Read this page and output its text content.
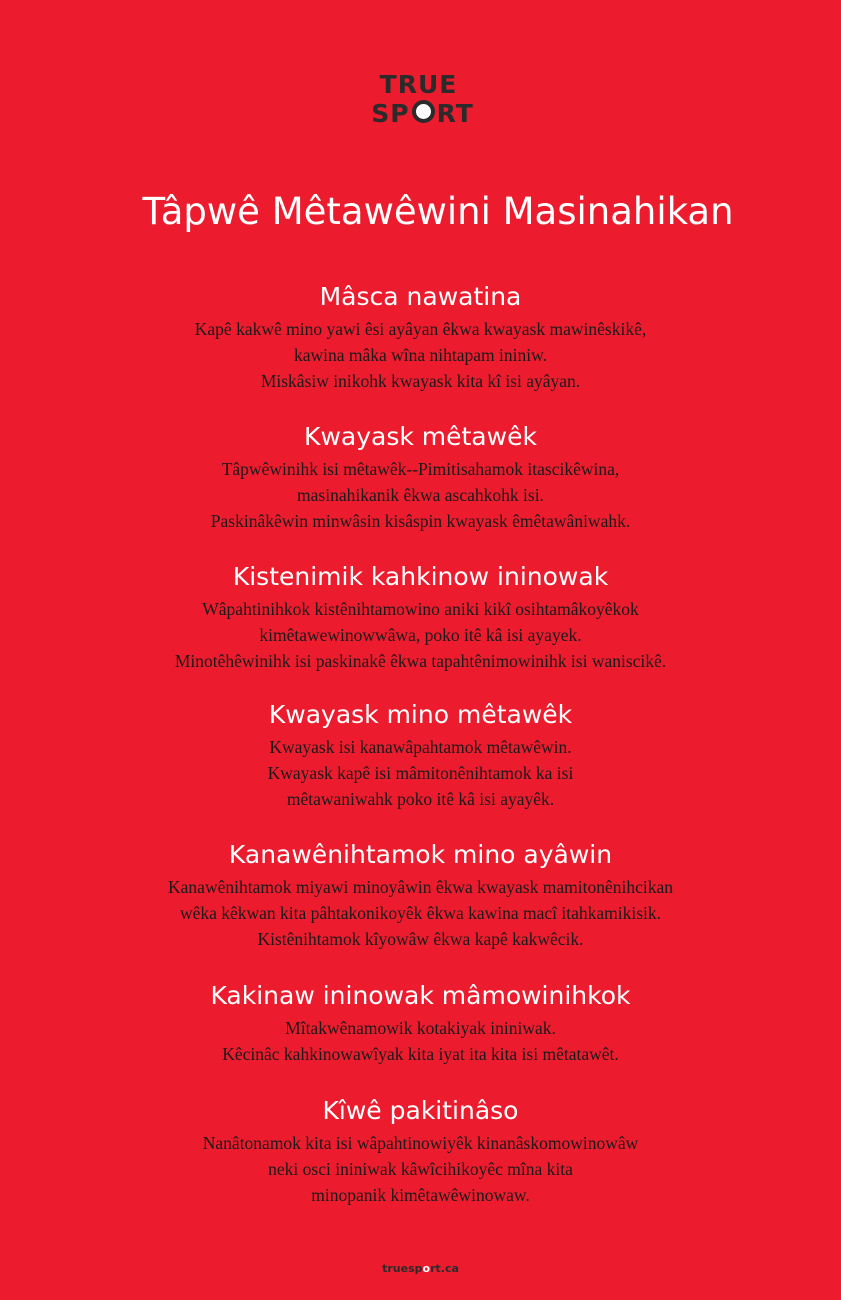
TRUE
SP RT
Tâpwê Mêtawêwini Masinahikan
Mâsca nawatina

Kapê kakwê mino yawi êsi ayâyan êkwa kwayask mawinêskikê,
kawina mâka wîna nihtapam ininiw.
Miskâsiw inikohk kwayask kita kî isi ayâyan.

Kwayask mêtawêk

Tâpwêwinihk isi mêtawêk--Pimitisahamok itascikêwina,
masinahikanik êkwa ascahkohk isi.
Paskinâkêwin minwâsin kisâspin kwayask êmêtawâniwahk.

Kistenimik kahkinow ininowak

Wâpahtinihkok kistênihtamowino aniki kikî osihtamâkoyêkok
kimêtawewinowwâwa, poko itê kâ isi ayayek.
Minotêhêwinihk isi paskinakê êkwa tapahtênimowinihk isi waniscikê.

Kwayask mino mêtawêk

Kwayask isi kanawâpahtamok mêtawêwin.
Kwayask kapê isi mâmitonênihtamok ka isi
mêtawaniwahk poko itê kâ isi ayayêk.

Kanawênihtamok mino ayâwin

Kanawênihtamok miyawi minoyâwin êkwa kwayask mamitonênihcikan
wêka kêkwan kita pâhtakonikoyêk êkwa kawina macî itahkamikisik.
Kistênihtamok kîyowâw êkwa kapê kakwêcik.

Kakinaw ininowak mâmowinihkok

Mîtakwênamowik kotakiyak ininiwak.
Kêcinâc kahkinowawîyak kita iyat ita kita isi mêtatawêt.

Kîwê pakitinâso

Nanâtonamok kita isi wâpahtinowiyêk kinanâskomowinowâw
neki osci ininiwak kâwîcihikoyêc mîna kita
minopanik kimêtawêwinowaw.

truesport.ca
